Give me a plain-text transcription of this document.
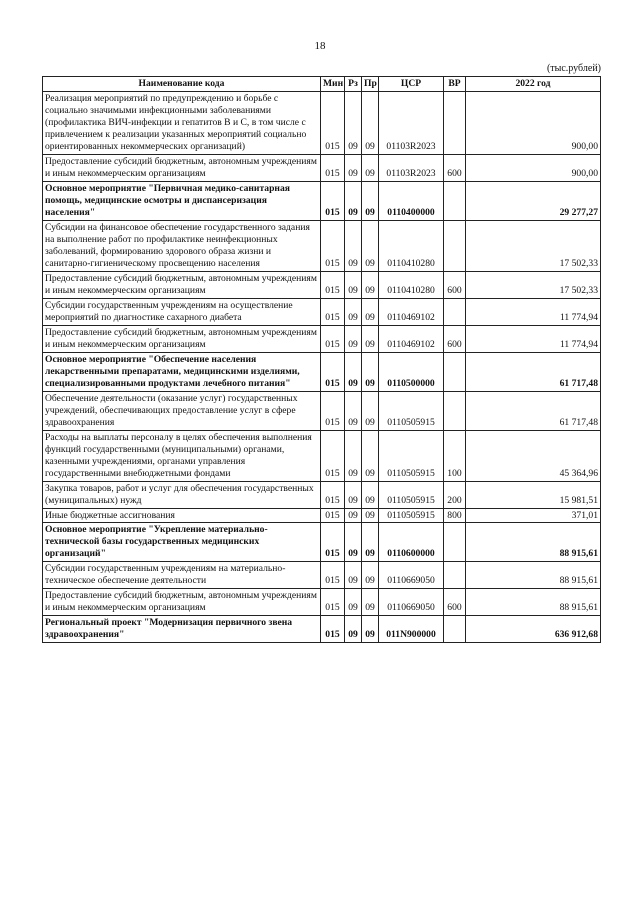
18
(тыс.рублей)
Наименование кода	Мин	Рз	Пр	ЦСР	ВР	2022 год
Реализация мероприятий по предупреждению и борьбе с социально значимыми инфекционными заболеваниями (профилактика ВИЧ-инфекции и гепатитов В и С, в том числе с привлечением к реализации указанных мероприятий социально ориентированных некоммерческих организаций)	015	09	09	01103R2023		900,00
Предоставление субсидий бюджетным, автономным учреждениям и иным некоммерческим организациям	015	09	09	01103R2023	600	900,00
Основное мероприятие "Первичная медико-санитарная помощь, медицинские осмотры и диспансеризация населения"	015	09	09	0110400000		29 277,27
Субсидии на финансовое обеспечение государственного задания на выполнение работ по профилактике неинфекционных заболеваний, формированию здорового образа жизни и санитарно-гигиеническому просвещению населения	015	09	09	0110410280		17 502,33
Предоставление субсидий бюджетным, автономным учреждениям и иным некоммерческим организациям	015	09	09	0110410280	600	17 502,33
Субсидии государственным учреждениям на осуществление мероприятий по диагностике сахарного диабета	015	09	09	0110469102		11 774,94
Предоставление субсидий бюджетным, автономным учреждениям и иным некоммерческим организациям	015	09	09	0110469102	600	11 774,94
Основное мероприятие "Обеспечение населения лекарственными препаратами, медицинскими изделиями, специализированными продуктами лечебного питания"	015	09	09	0110500000		61 717,48
Обеспечение деятельности (оказание услуг) государственных учреждений, обеспечивающих предоставление услуг в сфере здравоохранения	015	09	09	0110505915		61 717,48
Расходы на выплаты персоналу в целях обеспечения выполнения функций государственными (муниципальными) органами, казенными учреждениями, органами управления государственными внебюджетными фондами	015	09	09	0110505915	100	45 364,96
Закупка товаров, работ и услуг для обеспечения государственных (муниципальных) нужд	015	09	09	0110505915	200	15 981,51
Иные бюджетные ассигнования	015	09	09	0110505915	800	371,01
Основное мероприятие "Укрепление материально-технической базы государственных медицинских организаций"	015	09	09	0110600000		88 915,61
Субсидии государственным учреждениям на материально-техническое обеспечение деятельности	015	09	09	0110669050		88 915,61
Предоставление субсидий бюджетным, автономным учреждениям и иным некоммерческим организациям	015	09	09	0110669050	600	88 915,61
Региональный проект "Модернизация первичного звена здравоохранения"	015	09	09	011N900000		636 912,68
